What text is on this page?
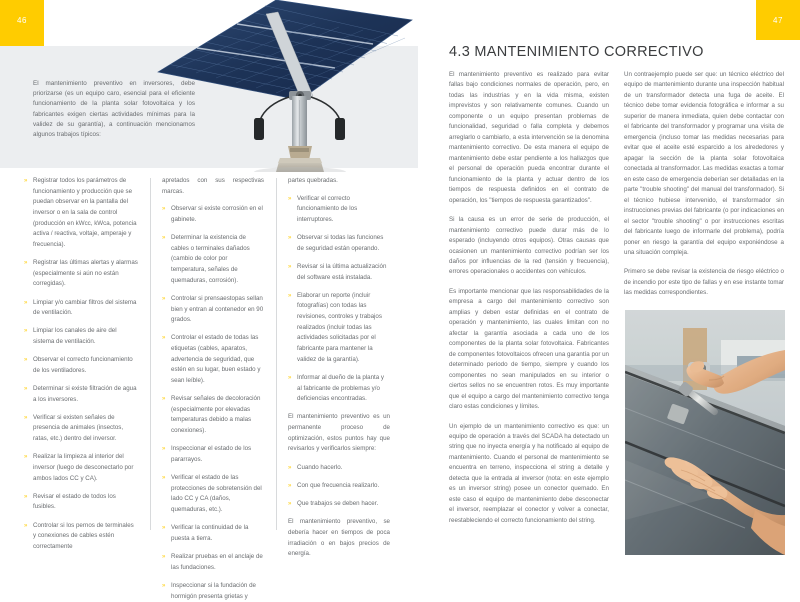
46
El mantenimiento preventivo en inversores, debe priorizarse (es un equipo caro, esencial para el eficiente funcionamiento de la planta solar fotovoltaica y los fabricantes exigen ciertas actividades mínimas para la validez de su garantía), a continuación mencionamos algunos trabajos típicos:
» Registrar todos los parámetros de funcionamiento y producción que se puedan observar en la pantalla del inversor o en la sala de control (producción en kWcc, kWca, potencia activa / reactiva, voltaje, amperaje y frecuencia).
» Registrar las últimas alertas y alarmas (especialmente si aún no están corregidas).
» Limpiar y/o cambiar filtros del sistema de ventilación.
» Limpiar los canales de aire del sistema de ventilación.
» Observar el correcto funcionamiento de los ventiladores.
» Determinar si existe filtración de agua a los inversores.
» Verificar si existen señales de presencia de animales (insectos, ratas, etc.) dentro del inversor.
» Realizar la limpieza al interior del inversor (luego de desconectarlo por ambos lados CC y CA).
» Revisar el estado de todos los fusibles.
» Controlar si los pernos de terminales y conexiones de cables estén correctamente

apretados con sus respectivas marcas.

» Observar si existe corrosión en el gabinete.
» Determinar la existencia de cables o terminales dañados (cambio de color por temperatura, señales de quemaduras, corrosión).
» Controlar si prensaestopas sellan bien y entran al contenedor en 90 grados.
» Controlar el estado de todas las etiquetas (cables, aparatos, advertencia de seguridad, que estén en su lugar, buen estado y sean leíble).
» Revisar señales de decoloración (especialmente por elevadas temperaturas debido a malas conexiones).
» Inspeccionar el estado de los pararrayos.
» Verificar el estado de las protecciones de sobretensión del lado CC y CA (daños, quemaduras, etc.).
» Verificar la continuidad de la puesta a tierra.
» Realizar pruebas en el anclaje de las fundaciones.
» Inspeccionar si la fundación de hormigón presenta grietas y

partes quebradas.

» Verificar el correcto funcionamiento de los interruptores.
» Observar si todas las funciones de seguridad están operando.
» Revisar si la última actualización del software está instalada.
» Elaborar un reporte (incluir fotografías) con todas las revisiones, controles y trabajos realizados (incluir todas las actividades solicitadas por el fabricante para mantener la validez de la garantía).
» Informar al dueño de la planta y al fabricante de problemas y/o deficiencias encontradas.

El mantenimiento preventivo es un permanente proceso de optimización, estos puntos hay que revisarlos y verificarlos siempre:

» Cuando hacerlo.
» Con que frecuencia realizarlo.
» Que trabajos se deben hacer.

El mantenimiento preventivo, se debería hacer en tiempos de poca irradiación o en bajos precios de energía.

47
4.3 MANTENIMIENTO CORRECTIVO

El mantenimiento preventivo es realizado para evitar fallas bajo condiciones normales de operación, pero, en todas las industrias y en la vida misma, existen imprevistos y son relativamente comunes. Cuando un componente o un equipo presentan problemas de funcionalidad, seguridad o falla completa y debemos arreglarlo o cambiarlo, a esta intervención se la denomina mantenimiento correctivo. De esta manera el equipo de mantenimiento debe estar pendiente a los hallazgos que el personal de operación pueda encontrar durante el funcionamiento de la planta y actuar dentro de los tiempos de respuesta definidos en el contrato de operación, los "tiempos de respuesta garantizados".

Si la causa es un error de serie de producción, el mantenimiento correctivo puede durar más de lo esperado (incluyendo otros equipos). Otras causas que ocasionen un mantenimiento correctivo podrían ser los daños por influencias de la red (tensión y frecuencia), errores operacionales o accidentes con vehículos.

Es importante mencionar que las responsabilidades de la empresa a cargo del mantenimiento correctivo son amplias y deben estar definidas en el contrato de operación y mantenimiento, las cuales limitan con no afectar la garantía asociada a cada uno de los componentes de la planta solar fotovoltaica. Fabricantes de componentes fotovoltaicos ofrecen una garantía por un determinado periodo de tiempo, siempre y cuando los componentes no sean manipulados en su interior o ciertos sellos no se encuentren rotos. Es muy importante que el equipo a cargo del mantenimiento correctivo tenga claro estas condiciones y límites.

Un ejemplo de un mantenimiento correctivo es que: un equipo de operación a través del SCADA ha detectado un string que no inyecta energía y ha notificado al equipo de mantenimiento. Cuando el personal de mantenimiento se encuentra en terreno, inspecciona el string a detalle y detecta que la entrada al inversor (nota: en este ejemplo es un inversor string) posee un conector quemado. En este caso el equipo de mantenimiento debe desconectar el inversor, reemplazar el conector y volver a conectar, reestableciendo el correcto funcionamiento del string.

Un contraejemplo puede ser que: un técnico eléctrico del equipo de mantenimiento durante una inspección habitual de un transformador detecta una fuga de aceite. El técnico debe tomar evidencia fotográfica e informar a su superior de manera inmediata, quien debe contactar con el fabricante del transformador y programar una visita de emergencia (incluso tomar las medidas necesarias para evitar que el aceite esté esparcido a los alrededores y apagar la sección de la planta solar fotovoltaica conectada al transformador. Las medidas exactas a tomar en este caso de emergencia deberían ser detalladas en la parte "trouble shooting" del manual del transformador). Si el técnico hubiese intervenido, el transformador sin instrucciones previas del fabricante (o por indicaciones en el sector "trouble shooting" o por instrucciones escritas del fabricante luego de informarle del problema), podría poner en riesgo la garantía del equipo exponiéndose a una situación compleja.

Primero se debe revisar la existencia de riesgo eléctrico o de incendio por este tipo de fallas y en ese instante tomar las medidas correspondientes.
